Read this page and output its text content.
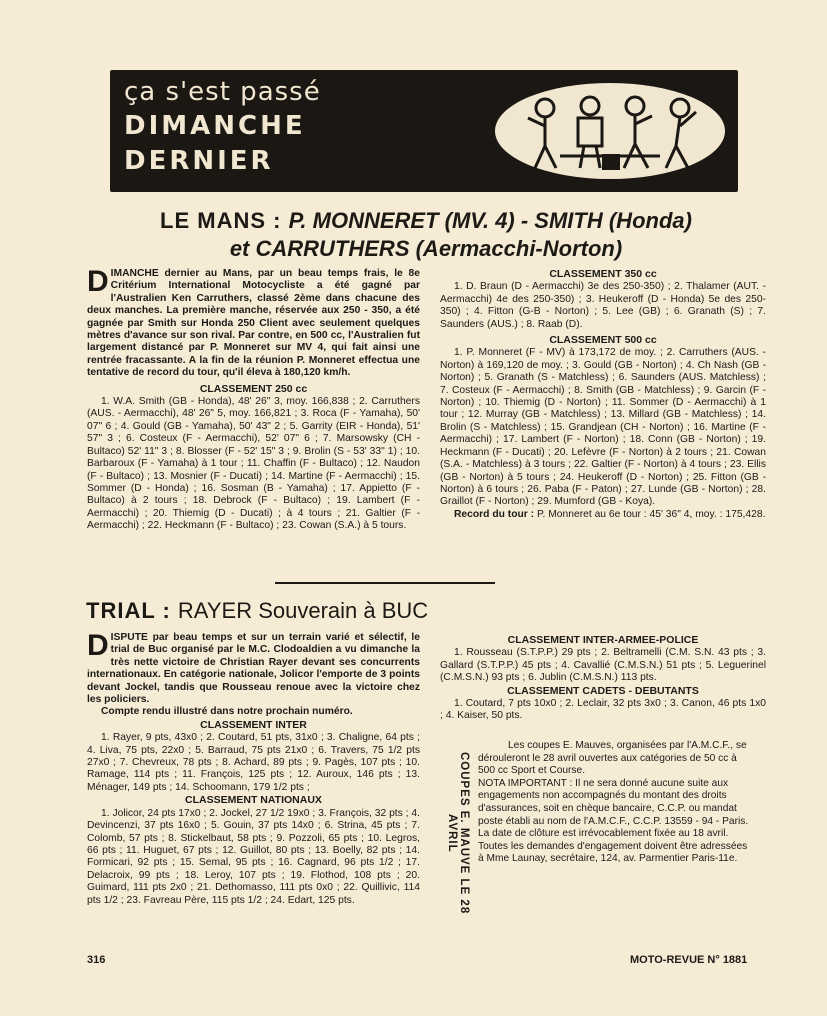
ça s'est passé
DIMANCHE
DERNIER
LE MANS : P. MONNERET (MV. 4) - SMITH (Honda)
et CARRUTHERS (Aermacchi-Norton)

DIMANCHE dernier au Mans, par un beau temps frais, le 8e Critérium International Motocycliste a été gagné par l'Australien Ken Carruthers, classé 2ème dans chacune des deux manches. La première manche, réservée aux 250 - 350, a été gagnée par Smith sur Honda 250 Client avec seulement quelques mètres d'avance sur son rival. Par contre, en 500 cc, l'Australien fut largement distancé par P. Monneret sur MV 4, qui fait ainsi une rentrée fracassante. A la fin de la réunion P. Monneret effectua une tentative de record du tour, qu'il éleva à 180,120 km/h.

CLASSEMENT 250 cc

1. W.A. Smith (GB - Honda), 48' 26" 3, moy. 166,838 ; 2. Carruthers (AUS. - Aermacchi), 48' 26" 5, moy. 166,821 ; 3. Roca (F - Yamaha), 50' 07" 6 ; 4. Gould (GB - Yamaha), 50' 43" 2 ; 5. Garrity (EIR - Honda), 51' 57" 3 ; 6. Costeux (F - Aermacchi), 52' 07" 6 ; 7. Marsowsky (CH - Bultaco) 52' 11" 3 ; 8. Blosser (F - 52' 15" 3 ; 9. Brolin (S - 53' 33" 1) ; 10. Barbaroux (F - Yamaha) à 1 tour ; 11. Chaffin (F - Bultaco) ; 12. Naudon (F - Bultaco) ; 13. Mosnier (F - Ducati) ; 14. Martine (F - Aermacchi) ; 15. Sommer (D - Honda) ; 16. Sosman (B - Yamaha) ; 17. Appietto (F - Bultaco) à 2 tours ; 18. Debrock (F - Bultaco) ; 19. Lambert (F - Aermacchi) ; 20. Thiemig (D - Ducati) ; à 4 tours ; 21. Galtier (F - Aermacchi) ; 22. Heckmann (F - Bultaco) ; 23. Cowan (S.A.) à 5 tours.

CLASSEMENT 350 cc

1. D. Braun (D - Aermacchi) 3e des 250-350) ; 2. Thalamer (AUT. - Aermacchi) 4e des 250-350) ; 3. Heukeroff (D - Honda) 5e des 250-350) ; 4. Fitton (G-B - Norton) ; 5. Lee (GB) ; 6. Granath (S) ; 7. Saunders (AUS.) ; 8. Raab (D).

CLASSEMENT 500 cc

1. P. Monneret (F - MV) à 173,172 de moy. ; 2. Carruthers (AUS. - Norton) à 169,120 de moy. ; 3. Gould (GB - Norton) ; 4. Ch Nash (GB - Norton) ; 5. Granath (S - Matchless) ; 6. Saunders (AUS. Matchless) ; 7. Costeux (F - Aermacchi) ; 8. Smith (GB - Matchless) ; 9. Garcin (F - Norton) ; 10. Thiemig (D - Norton) ; 11. Sommer (D - Aermacchi) à 1 tour ; 12. Murray (GB - Matchless) ; 13. Millard (GB - Matchless) ; 14. Brolin (S - Matchless) ; 15. Grandjean (CH - Norton) ; 16. Martine (F - Aermacchi) ; 17. Lambert (F - Norton) ; 18. Conn (GB - Norton) ; 19. Heckmann (F - Ducati) ; 20. Lefèvre (F - Norton) à 2 tours ; 21. Cowan (S.A. - Matchless) à 3 tours ; 22. Galtier (F - Norton) à 4 tours ; 23. Ellis (GB - Norton) à 5 tours ; 24. Heukeroff (D - Norton) ; 25. Fitton (GB - Norton) à 6 tours ; 26. Paba (F - Paton) ; 27. Lunde (GB - Norton) ; 28. Graillot (F - Norton) ; 29. Mumford (GB - Koya).

Record du tour : P. Monneret au 6e tour : 45' 36" 4, moy. : 175,428.

TRIAL : RAYER Souverain à BUC

DISPUTE par beau temps et sur un terrain varié et sélectif, le trial de Buc organisé par le M.C. Clodoaldien a vu dimanche la très nette victoire de Christian Rayer devant ses concurrents internationaux. En catégorie nationale, Jolicor l'emporte de 3 points devant Jockel, tandis que Rousseau renoue avec la victoire chez les policiers.

Compte rendu illustré dans notre prochain numéro.

CLASSEMENT INTER

1. Rayer, 9 pts, 43x0 ; 2. Coutard, 51 pts, 31x0 ; 3. Chaligne, 64 pts ; 4. Liva, 75 pts, 22x0 ; 5. Barraud, 75 pts 21x0 ; 6. Travers, 75 1/2 pts 27x0 ; 7. Chevreux, 78 pts ; 8. Achard, 89 pts ; 9. Pagès, 107 pts ; 10. Ramage, 114 pts ; 11. François, 125 pts ; 12. Auroux, 146 pts ; 13. Ménager, 149 pts ; 14. Schoomann, 179 1/2 pts ;

CLASSEMENT NATIONAUX

1. Jolicor, 24 pts 17x0 ; 2. Jockel, 27 1/2 19x0 ; 3. François, 32 pts ; 4. Devincenzi, 37 pts 16x0 ; 5. Gouin, 37 pts 14x0 ; 6. Strina, 45 pts ; 7. Colomb, 57 pts ; 8. Stickelbaut, 58 pts ; 9. Pozzoli, 65 pts ; 10. Legros, 66 pts ; 11. Huguet, 67 pts ; 12. Guillot, 80 pts ; 13. Boelly, 82 pts ; 14. Formicari, 92 pts ; 15. Semal, 95 pts ; 16. Cagnard, 96 pts 1/2 ; 17. Delacroix, 99 pts ; 18. Leroy, 107 pts ; 19. Flothod, 108 pts ; 20. Guimard, 111 pts 2x0 ; 21. Dethomasso, 111 pts 0x0 ; 22. Quillivic, 114 pts 1/2 ; 23. Favreau Père, 115 pts 1/2 ; 24. Edart, 125 pts.

CLASSEMENT INTER-ARMEE-POLICE

1. Rousseau (S.T.P.P.) 29 pts ; 2. Beltramelli (C.M. S.N. 43 pts ; 3. Gallard (S.T.P.P.) 45 pts ; 4. Cavallié (C.M.S.N.) 51 pts ; 5. Leguerinel (C.M.S.N.) 93 pts ; 6. Jublin (C.M.S.N.) 113 pts.

CLASSEMENT CADETS - DEBUTANTS

1. Coutard, 7 pts 10x0 ; 2. Leclair, 32 pts 3x0 ; 3. Canon, 46 pts 1x0 ; 4. Kaiser, 50 pts.

COUPES E. MAUVE LE 28 AVRIL

Les coupes E. Mauves, organisées par l'A.M.C.F., se dérouleront le 28 avril ouvertes aux catégories de 50 cc à 500 cc Sport et Course.

NOTA IMPORTANT : Il ne sera donné aucune suite aux engagements non accompagnés du montant des droits d'assurances, soit en chèque bancaire, C.C.P. ou mandat poste établi au nom de l'A.M.C.F., C.C.P. 13559 - 94 - Paris.

La date de clôture est irrévocablement fixée au 18 avril. Toutes les demandes d'engagement doivent être adressées à Mme Launay, secrétaire, 124, av. Parmentier Paris-11e.

316	MOTO-REVUE N° 1881
